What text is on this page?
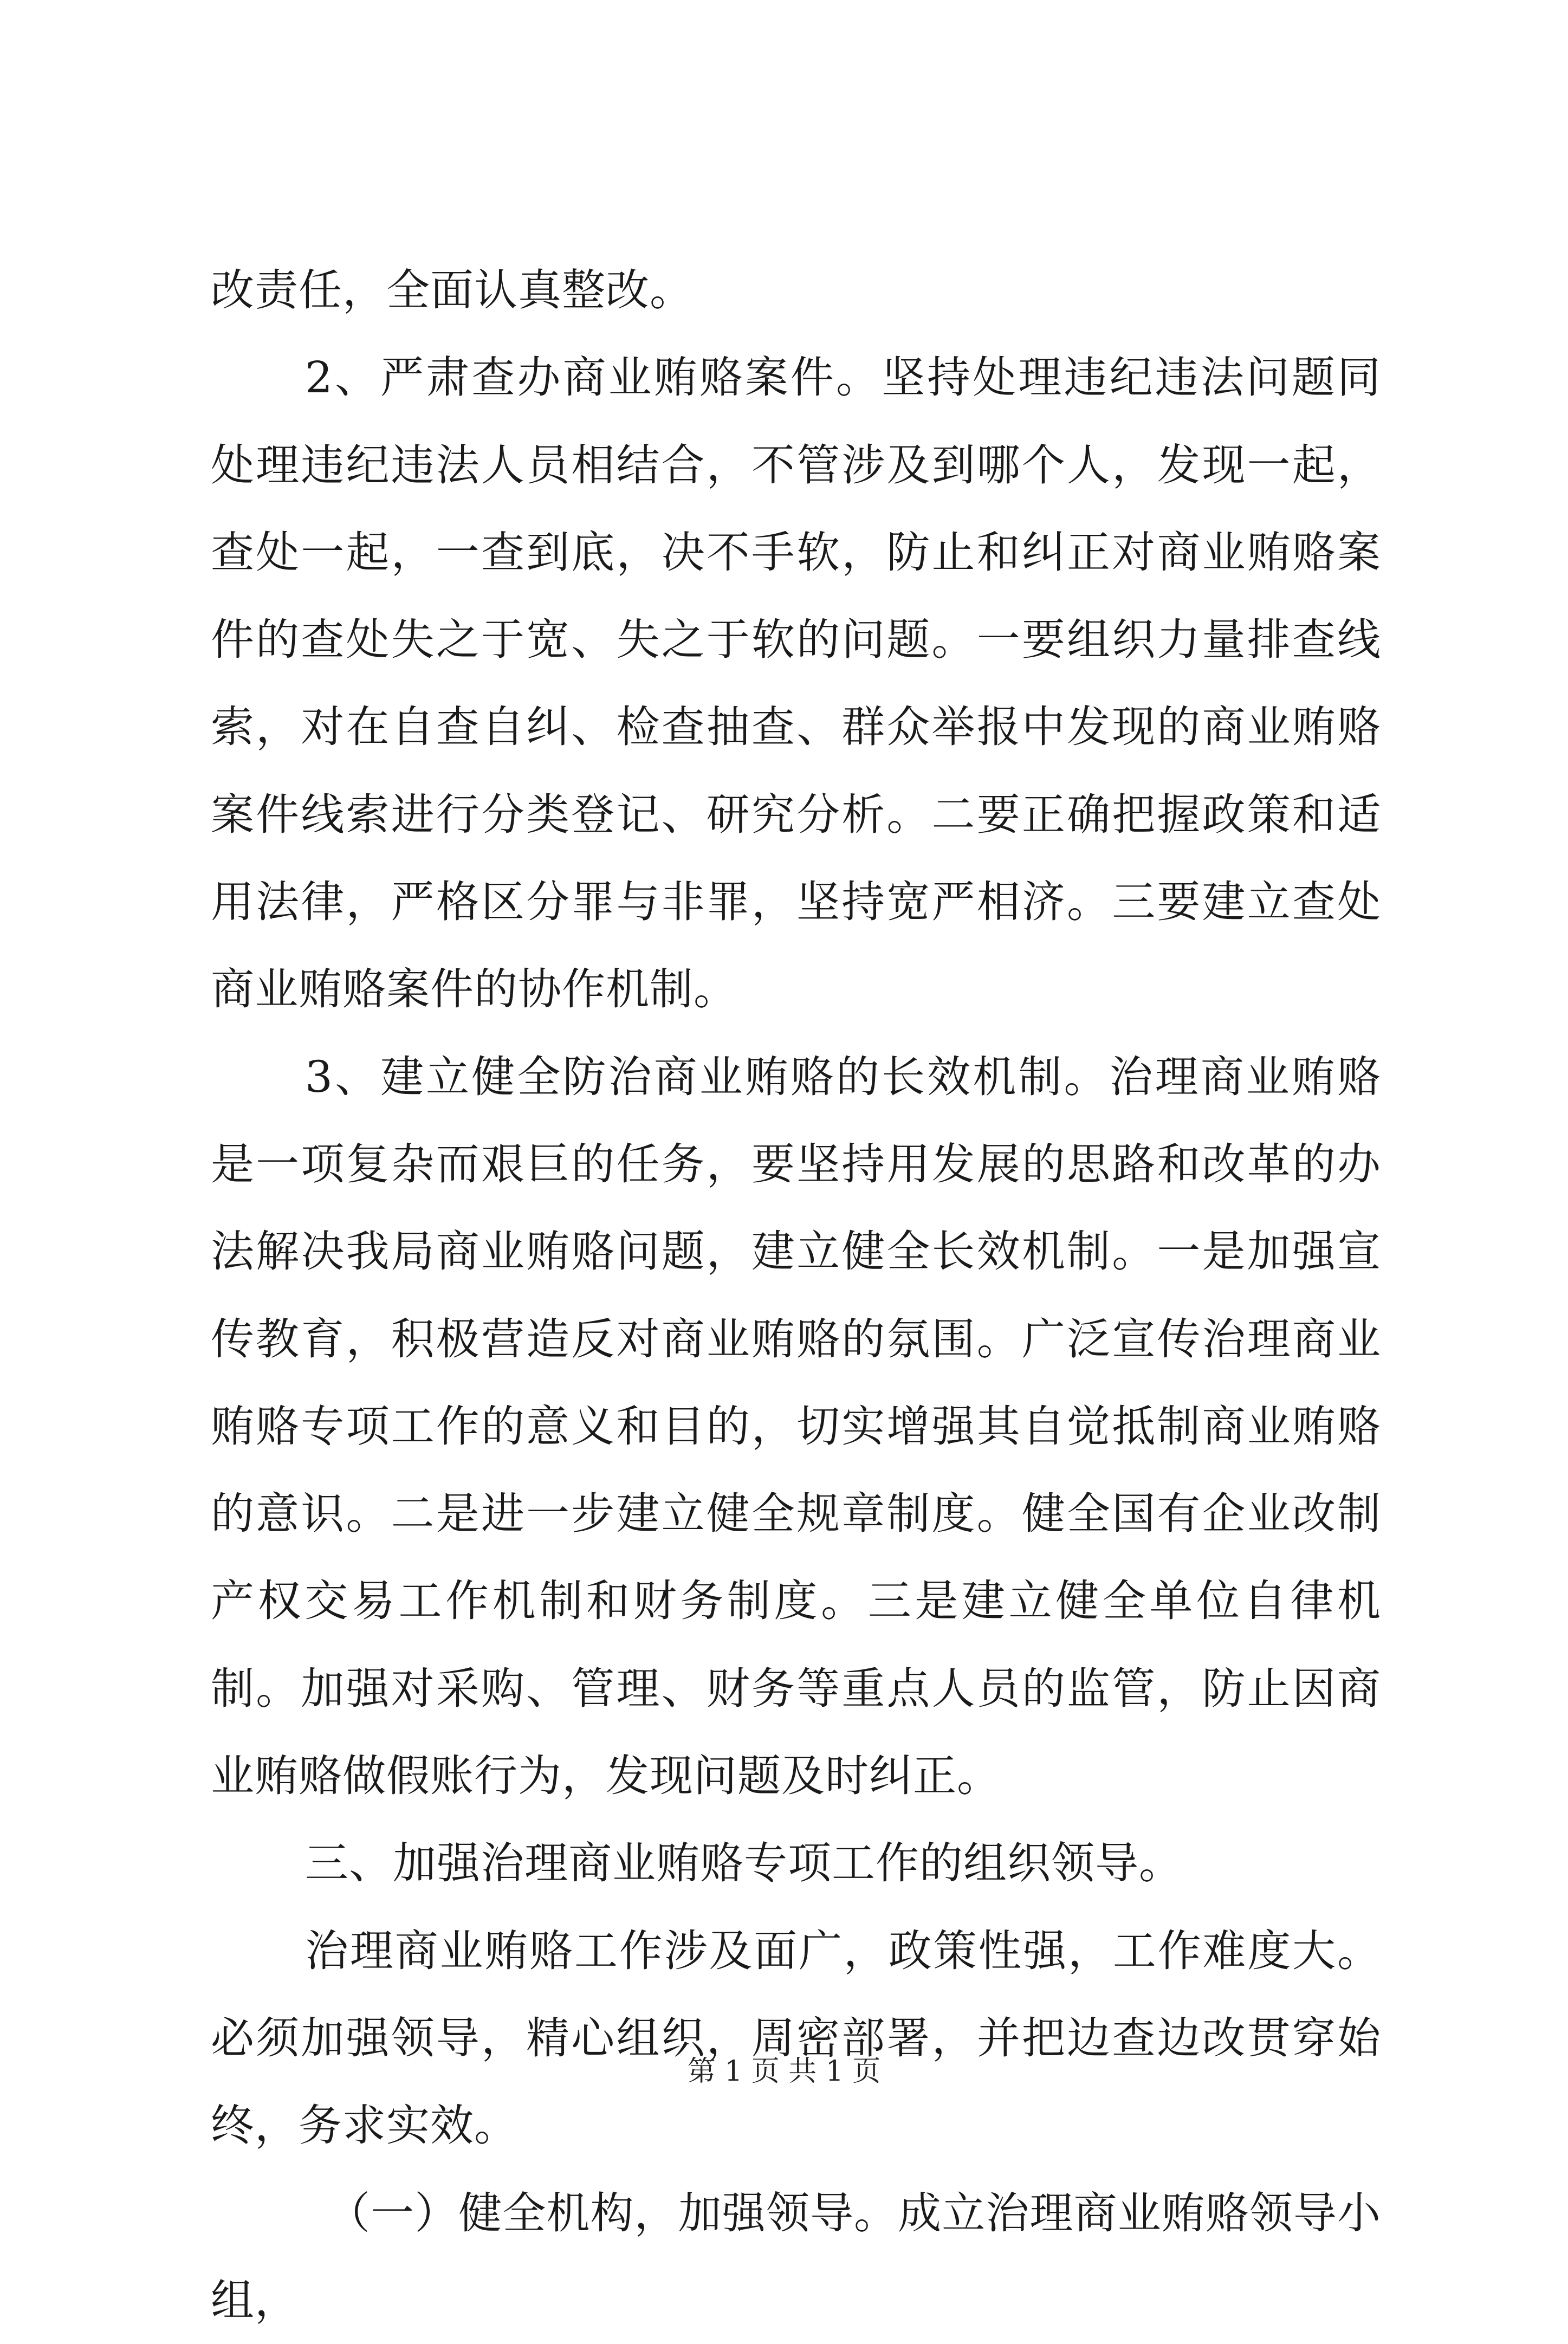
改责任，全面认真整改。

2、严肃查办商业贿赂案件。坚持处理违纪违法问题同处理违纪违法人员相结合，不管涉及到哪个人，发现一起，查处一起，一查到底，决不手软，防止和纠正对商业贿赂案件的查处失之于宽、失之于软的问题。一要组织力量排查线索，对在自查自纠、检查抽查、群众举报中发现的商业贿赂案件线索进行分类登记、研究分析。二要正确把握政策和适用法律，严格区分罪与非罪，坚持宽严相济。三要建立查处商业贿赂案件的协作机制。

3、建立健全防治商业贿赂的长效机制。治理商业贿赂是一项复杂而艰巨的任务，要坚持用发展的思路和改革的办法解决我局商业贿赂问题，建立健全长效机制。一是加强宣传教育，积极营造反对商业贿赂的氛围。广泛宣传治理商业贿赂专项工作的意义和目的，切实增强其自觉抵制商业贿赂的意识。二是进一步建立健全规章制度。健全国有企业改制产权交易工作机制和财务制度。三是建立健全单位自律机制。加强对采购、管理、财务等重点人员的监管，防止因商业贿赂做假账行为，发现问题及时纠正。

三、加强治理商业贿赂专项工作的组织领导。

治理商业贿赂工作涉及面广，政策性强，工作难度大。必须加强领导，精心组织，周密部署，并把边查边改贯穿始终，务求实效。

（一）健全机构，加强领导。成立治理商业贿赂领导小组，

第 1 页 共 1 页
